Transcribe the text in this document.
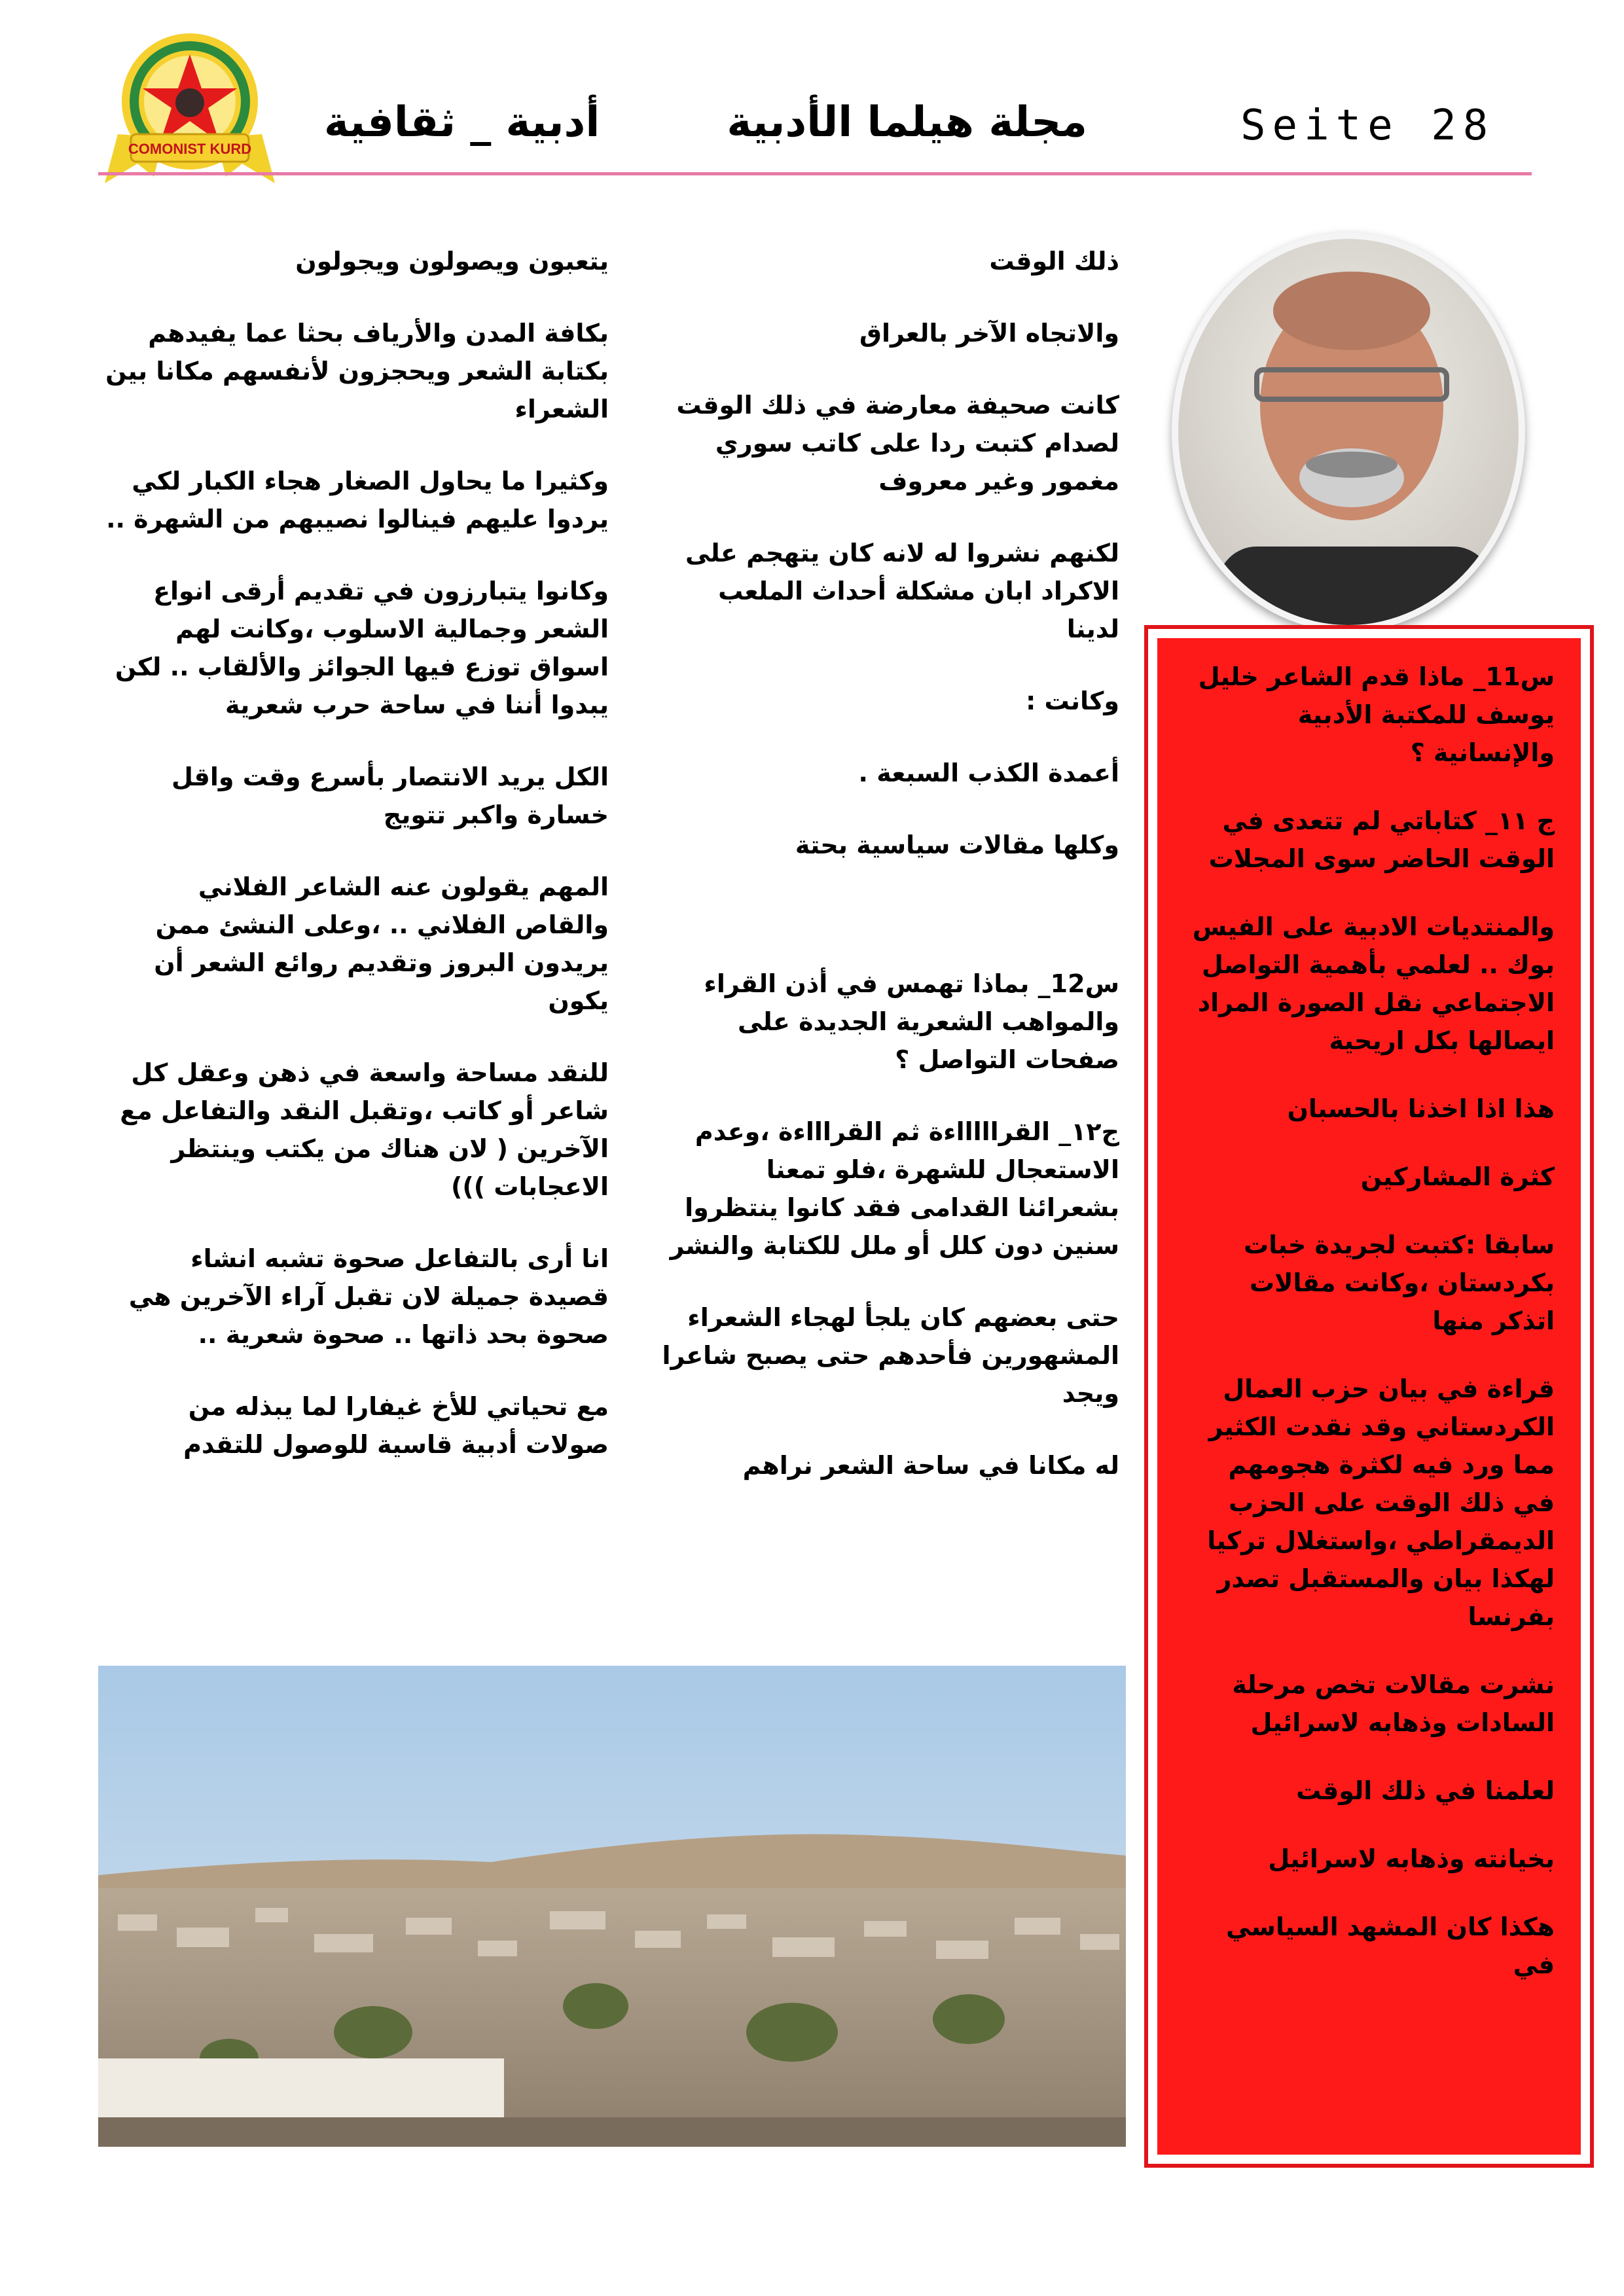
COMONIST KURD
مجلة هيلما الأدبية
أدبية _ ثقافية	Seite 28

ذلك الوقت

والاتجاه الآخر بالعراق

كانت صحيفة معارضة في ذلك الوقت لصدام كتبت ردا على كاتب سوري مغمور وغير معروف

لكنهم نشروا له لانه كان يتهجم على الاكراد ابان مشكلة أحداث الملعب لدينا

وكانت :

أعمدة الكذب السبعة .

وكلها مقالات سياسية بحتة

س12_ بماذا تهمس في أذن القراء والمواهب الشعرية الجديدة على صفحات التواصل ؟

ج١٢_ القراااااءة ثم القراااءة ،وعدم الاستعجال للشهرة ،فلو تمعنا بشعرائنا القدامى فقد كانوا ينتظروا سنين دون كلل أو ملل للكتابة والنشر

حتى بعضهم كان يلجأ لهجاء الشعراء المشهورين فأحدهم حتى يصبح شاعرا ويجد

له مكانا في ساحة الشعر نراهم

يتعبون ويصولون ويجولون

بكافة المدن والأرياف بحثا عما يفيدهم بكتابة الشعر ويحجزون لأنفسهم مكانا بين الشعراء

وكثيرا ما يحاول الصغار هجاء الكبار لكي يردوا عليهم فينالوا نصيبهم من الشهرة ..

وكانوا يتبارزون في تقديم أرقى انواع الشعر وجمالية الاسلوب ،وكانت لهم اسواق توزع فيها الجوائز والألقاب .. لكن يبدوا أننا في ساحة حرب شعرية

الكل يريد الانتصار بأسرع وقت واقل خسارة واكبر تتويج

المهم يقولون عنه الشاعر الفلاني والقاص الفلاني .. ،وعلى النشئ ممن يريدون البروز وتقديم روائع الشعر أن يكون

للنقد مساحة واسعة في ذهن وعقل كل شاعر أو كاتب ،وتقبل النقد والتفاعل مع الآخرين ( لان هناك من يكتب وينتظر الاعجابات )))

انا أرى بالتفاعل صحوة تشبه انشاء قصيدة جميلة لان تقبل آراء الآخرين هي صحوة بحد ذاتها .. صحوة شعرية ..

مع تحياتي للأخ غيفارا لما يبذله من صولات أدبية قاسية للوصول للتقدم

س11_ ماذا قدم الشاعر خليل يوسف للمكتبة الأدبية والإنسانية ؟

ج ١١_ كتاباتي لم تتعدى في الوقت الحاضر سوى المجلات

والمنتديات الادبية على الفيس بوك .. لعلمي بأهمية التواصل الاجتماعي نقل الصورة المراد ايصالها بكل اريحية

هذا اذا اخذنا بالحسبان

كثرة المشاركين

سابقا :كتبت لجريدة خبات بكردستان ،وكانت مقالات اتذكر منها

قراءة في بيان حزب العمال الكردستاني وقد نقدت الكثير مما ورد فيه لكثرة هجومهم في ذلك الوقت على الحزب الديمقراطي ،واستغلال تركيا لهكذا بيان والمستقبل تصدر بفرنسا

نشرت مقالات تخص مرحلة السادات وذهابه لاسرائيل

لعلمنا في ذلك الوقت

بخيانته وذهابه لاسرائيل

هكذا كان المشهد السياسي في
